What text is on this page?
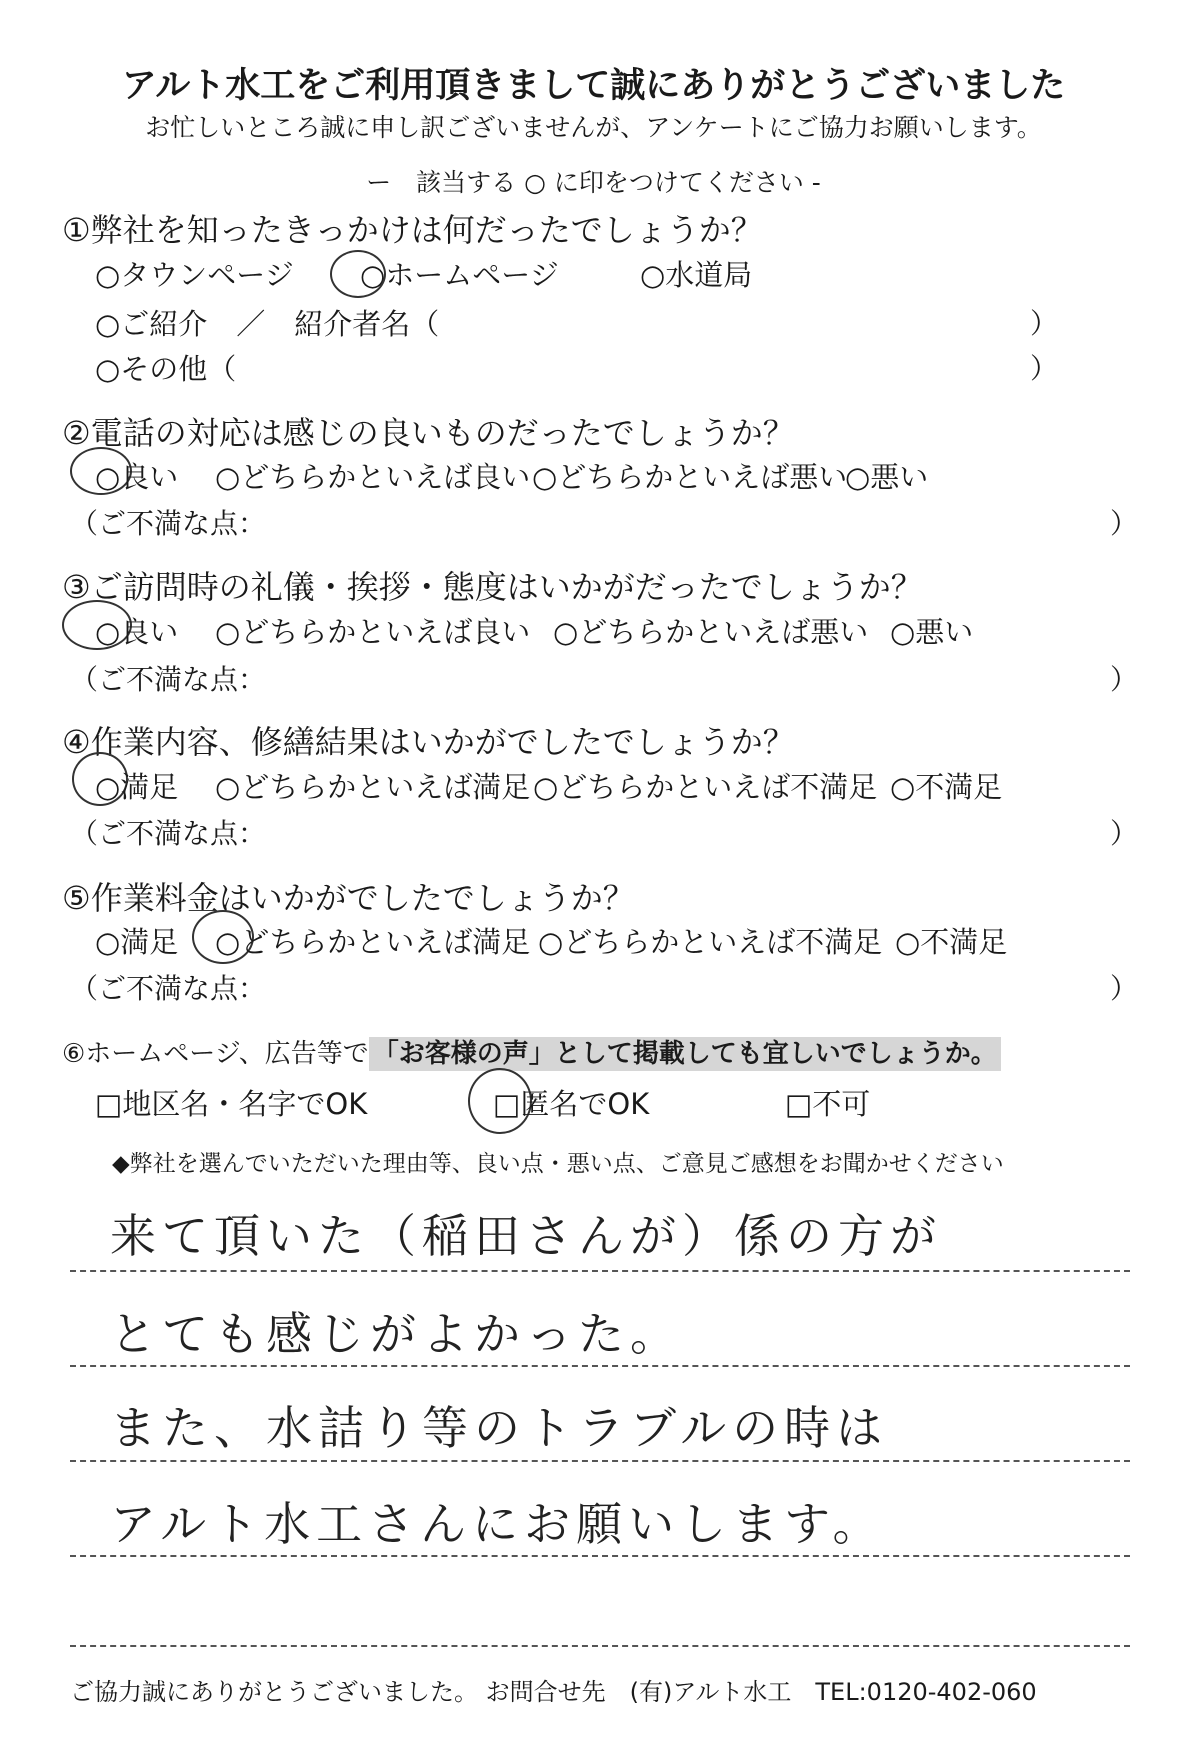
アルト水工をご利用頂きまして誠にありがとうございました
お忙しいところ誠に申し訳ございませんが、アンケートにご協力お願いします。
ー　該当する ○ に印をつけてください -
①弊社を知ったきっかけは何だったでしょうか？
○タウンページ ○ホームページ	○水道局
○ご紹介　／　紹介者名（	）
○その他（	）
②電話の対応は感じの良いものだったでしょうか？
○良い ○どちらかといえば良い ○どちらかといえば悪い
○悪い
（ご不満な点：	）
③ご訪問時の礼儀・挨拶・態度はいかがだったでしょうか？
○良い ○どちらかといえば良い ○どちらかといえば悪い ○悪い
（ご不満な点：	）
④作業内容、修繕結果はいかがでしたでしょうか？
○満足 ○どちらかといえば満足 ○どちらかといえば不満足 ○不満足
（ご不満な点：	）
⑤作業料金はいかがでしたでしょうか？
○満足 ○どちらかといえば満足 ○どちらかといえば不満足 ○不満足
（ご不満な点：	）
⑥ホームページ、広告等で 「お客様の声」として掲載しても宜しいでしょうか。
□地区名・名字でOK	□匿名でOK	□不可
◆弊社を選んでいただいた理由等、良い点・悪い点、ご意見ご感想をお聞かせください
来て頂いた（稲田さんが）係の方が
とても感じがよかった。
また、水詰り等のトラブルの時は
アルト水工さんにお願いします。
ご協力誠にありがとうございました。 お問合せ先　(有)アルト水工　TEL:0120-402-060
